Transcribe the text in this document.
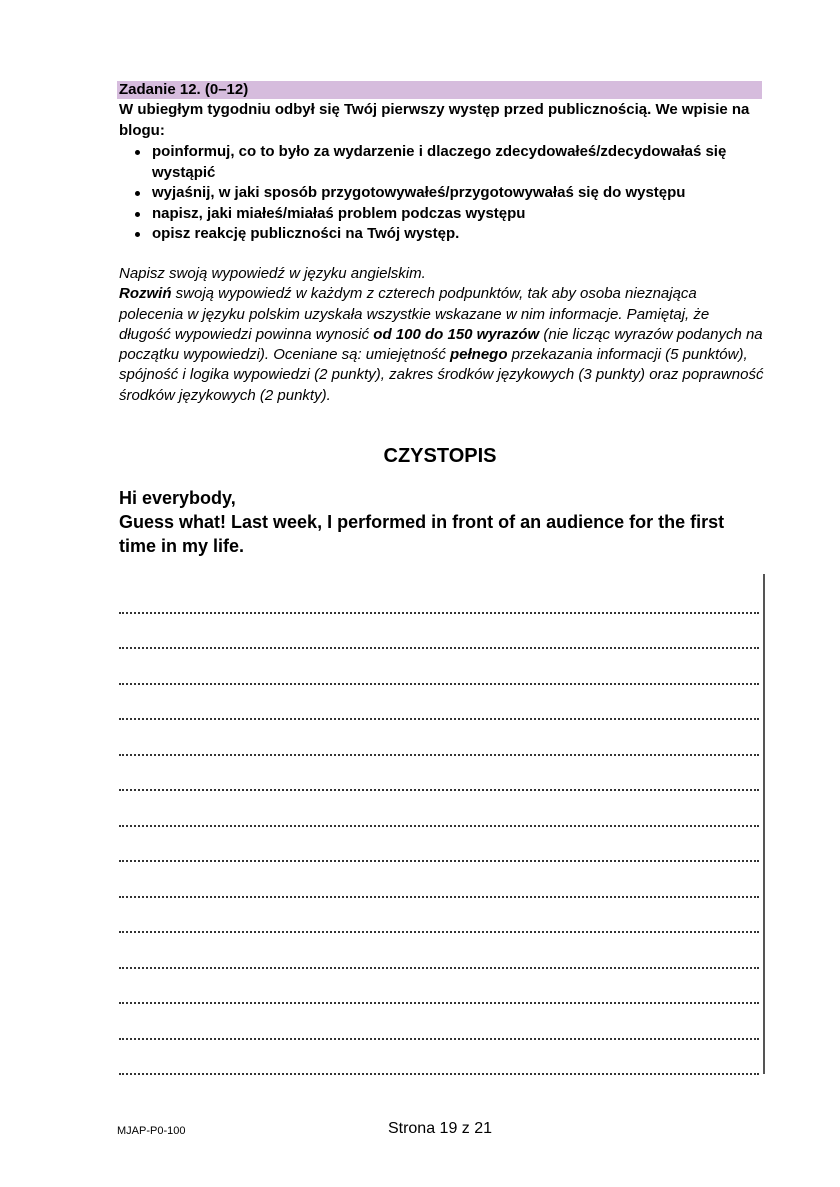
Zadanie 12. (0–12)
W ubiegłym tygodniu odbył się Twój pierwszy występ przed publicznością. We wpisie na blogu:
poinformuj, co to było za wydarzenie i dlaczego zdecydowałeś/zdecydowałaś się wystąpić
wyjaśnij, w jaki sposób przygotowywałeś/przygotowywałaś się do występu
napisz, jaki miałeś/miałaś problem podczas występu
opisz reakcję publiczności na Twój występ.
Napisz swoją wypowiedź w języku angielskim.
Rozwiń swoją wypowiedź w każdym z czterech podpunktów, tak aby osoba nieznająca polecenia w języku polskim uzyskała wszystkie wskazane w nim informacje. Pamiętaj, że długość wypowiedzi powinna wynosić od 100 do 150 wyrazów (nie licząc wyrazów podanych na początku wypowiedzi). Oceniane są: umiejętność pełnego przekazania informacji (5 punktów), spójność i logika wypowiedzi (2 punkty), zakres środków językowych (3 punkty) oraz poprawność środków językowych (2 punkty).
CZYSTOPIS
Hi everybody,
Guess what! Last week, I performed in front of an audience for the first time in my life.
MJAP-P0-100	Strona 19 z 21
